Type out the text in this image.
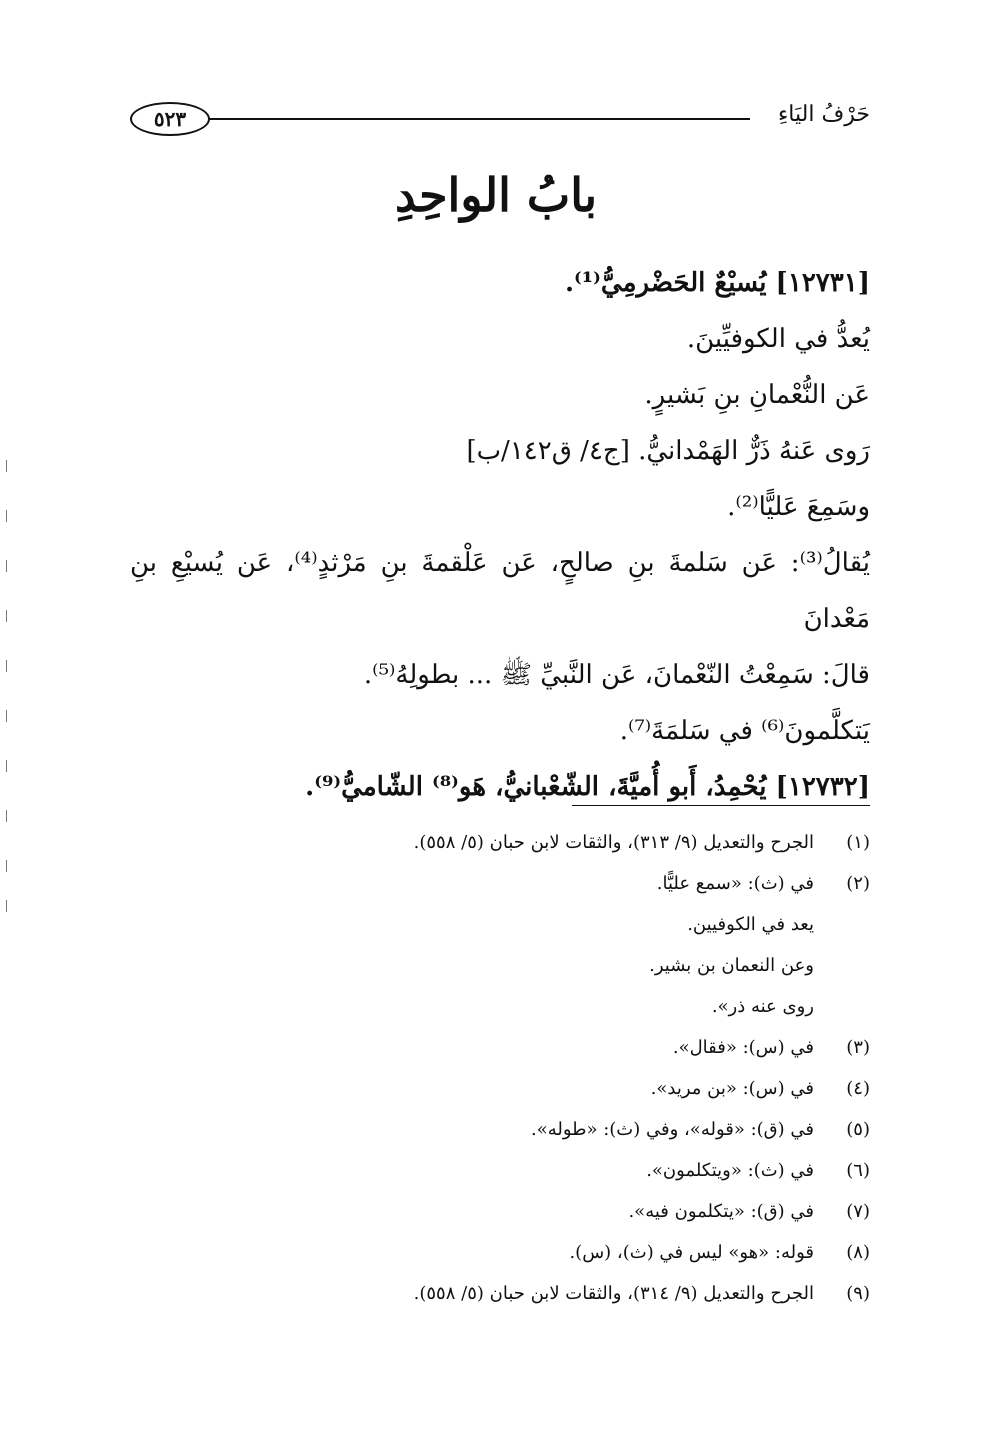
٥٢٣	حَرْفُ اليَاءِ
بابُ الواحِدِ

[١٢٧٣١] يُسيْعٌ الحَضْرمِيُّ⁽¹⁾.

يُعدُّ في الكوفيِّينَ.

عَن النُّعْمانِ بنِ بَشيرٍ.

رَوى عَنهُ ذَرٌّ الهَمْدانيُّ. [ج٤/ ق١٤٢/ب]

وسَمِعَ عَليًّا⁽²⁾.

يُقالُ⁽³⁾: عَن سَلمةَ بنِ صالحٍ، عَن عَلْقمةَ بنِ مَرْثدٍ⁽⁴⁾، عَن يُسيْعِ بنِ مَعْدانَ

قالَ: سَمِعْتُ النّعْمانَ، عَن النَّبيِّ ﷺ ... بطولِهُ⁽⁵⁾.

يَتكلَّمونَ⁽⁶⁾ في سَلمَةَ⁽⁷⁾.

[١٢٧٣٢] يُحْمِدُ، أَبو أُميَّةَ، الشّعْبانيُّ، هَو⁽⁸⁾ الشّاميُّ⁽⁹⁾.

(١)
الجرح والتعديل (٩/ ٣١٣)، والثقات لابن حبان (٥/ ٥٥٨).
(٢)
في (ث): «سمع عليًّا.
يعد في الكوفيين.
وعن النعمان بن بشير.
روى عنه ذر».
(٣)
في (س): «فقال».
(٤)
في (س): «بن مريد».
(٥)
في (ق): «قوله»، وفي (ث): «طوله».
(٦)
في (ث): «ويتكلمون».
(٧)
في (ق): «يتكلمون فيه».
(٨)
قوله: «هو» ليس في (ث)، (س).
(٩)
الجرح والتعديل (٩/ ٣١٤)، والثقات لابن حبان (٥/ ٥٥٨).
